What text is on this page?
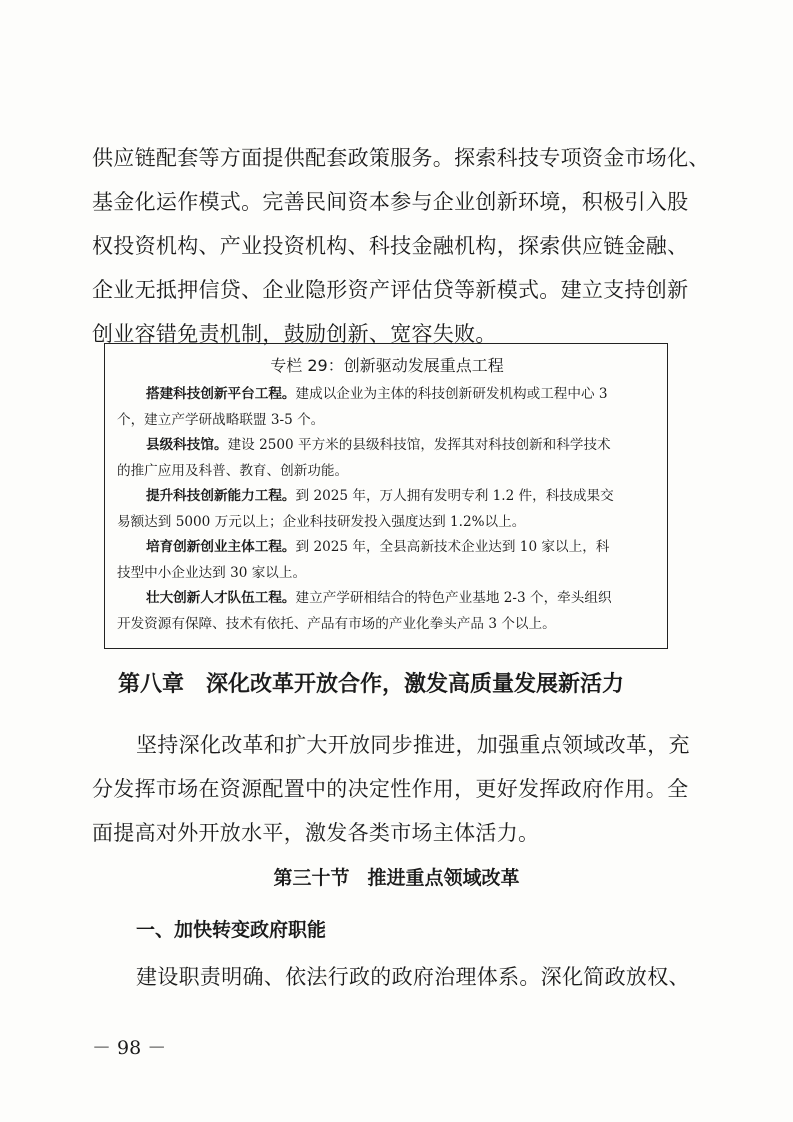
供应链配套等方面提供配套政策服务。探索科技专项资金市场化、
基金化运作模式。完善民间资本参与企业创新环境，积极引入股
权投资机构、产业投资机构、科技金融机构，探索供应链金融、
企业无抵押信贷、企业隐形资产评估贷等新模式。建立支持创新
创业容错免责机制，鼓励创新、宽容失败。
专栏 29：创新驱动发展重点工程
搭建科技创新平台工程。建成以企业为主体的科技创新研发机构或工程中心 3
个，建立产学研战略联盟 3-5 个。
县级科技馆。建设 2500 平方米的县级科技馆，发挥其对科技创新和科学技术
的推广应用及科普、教育、创新功能。
提升科技创新能力工程。到 2025 年，万人拥有发明专利 1.2 件，科技成果交
易额达到 5000 万元以上；企业科技研发投入强度达到 1.2%以上。
培育创新创业主体工程。到 2025 年，全县高新技术企业达到 10 家以上，科
技型中小企业达到 30 家以上。
壮大创新人才队伍工程。建立产学研相结合的特色产业基地 2-3 个，牵头组织
开发资源有保障、技术有依托、产品有市场的产业化拳头产品 3 个以上。
第八章 深化改革开放合作，激发高质量发展新活力
坚持深化改革和扩大开放同步推进，加强重点领域改革，充
分发挥市场在资源配置中的决定性作用，更好发挥政府作用。全
面提高对外开放水平，激发各类市场主体活力。
第三十节 推进重点领域改革
一、加快转变政府职能
建设职责明确、依法行政的政府治理体系。深化简政放权、
－ 98 －
